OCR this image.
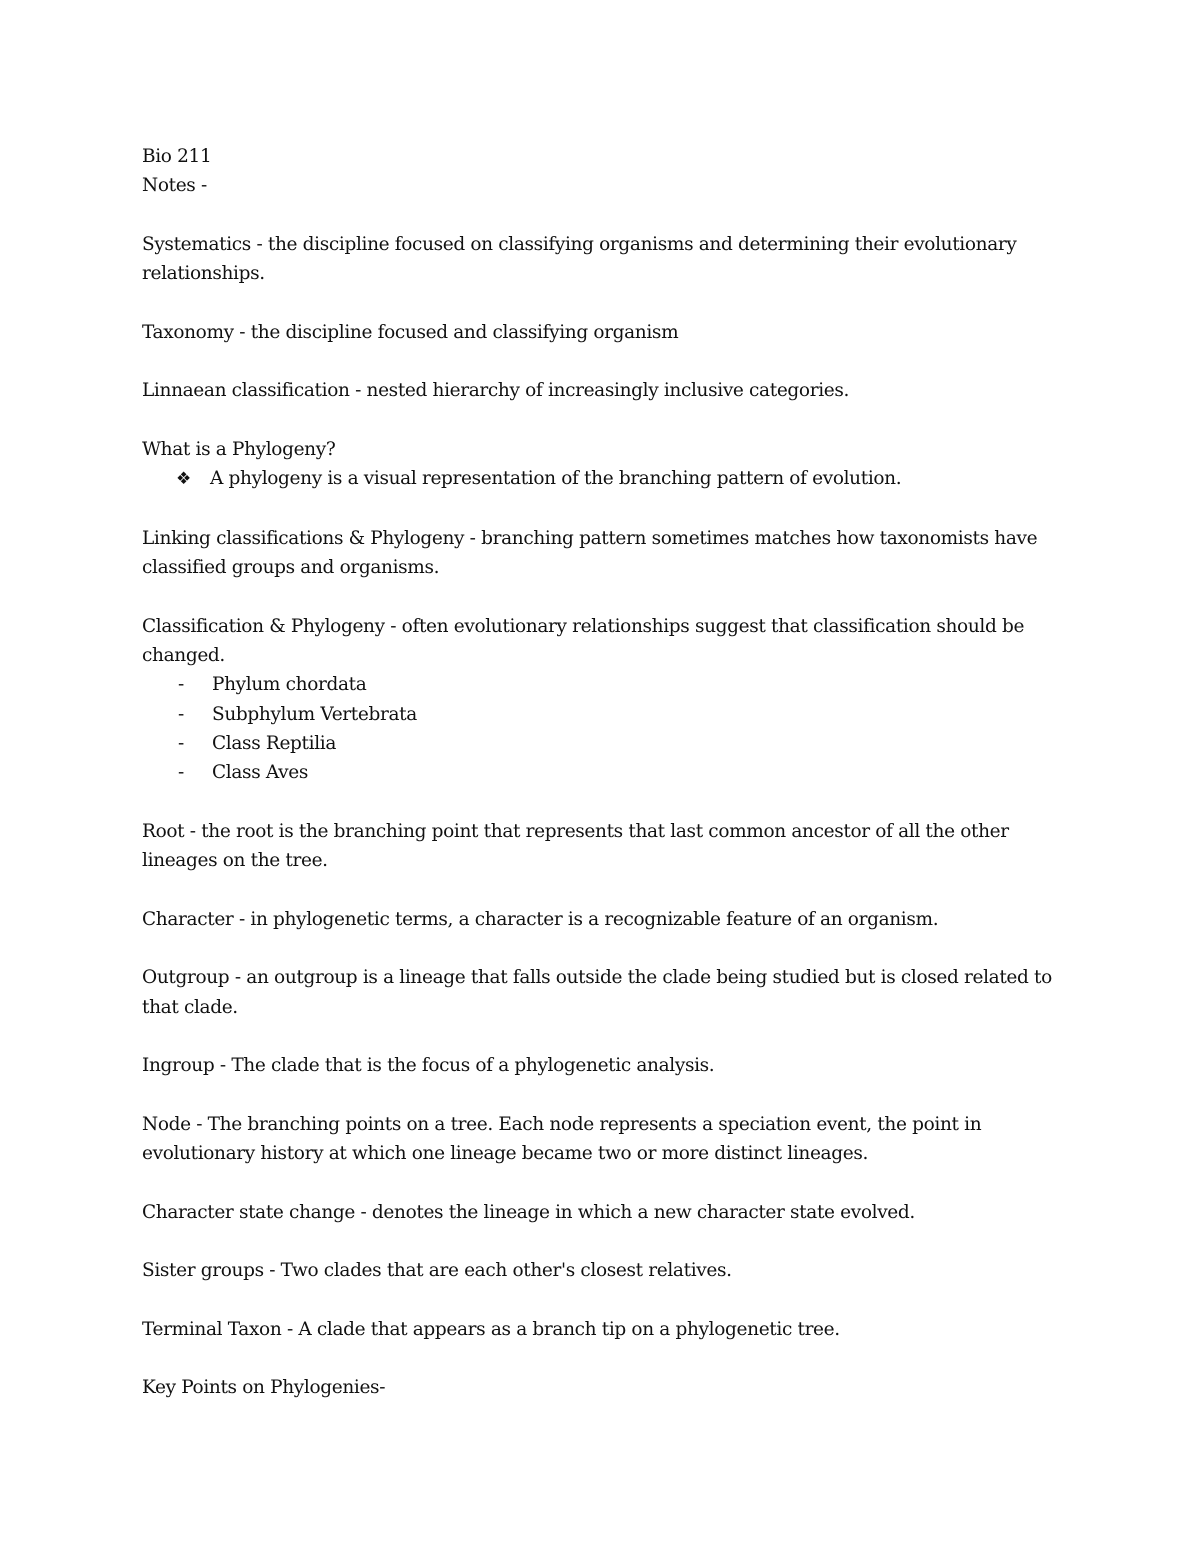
Bio 211
Notes -
Systematics - the discipline focused on classifying organisms and determining their evolutionary
relationships.
Taxonomy - the discipline focused and classifying organism
Linnaean classification - nested hierarchy of increasingly inclusive categories.
What is a Phylogeny?
❖	A phylogeny is a visual representation of the branching pattern of evolution.
Linking classifications & Phylogeny - branching pattern sometimes matches how taxonomists have
classified groups and organisms.
Classification & Phylogeny - often evolutionary relationships suggest that classification should be
changed.
-	Phylum chordata
-	Subphylum Vertebrata
-	Class Reptilia
-	Class Aves
Root - the root is the branching point that represents that last common ancestor of all the other
lineages on the tree.
Character - in phylogenetic terms, a character is a recognizable feature of an organism.
Outgroup - an outgroup is a lineage that falls outside the clade being studied but is closed related to
that clade.
Ingroup - The clade that is the focus of a phylogenetic analysis.
Node - The branching points on a tree. Each node represents a speciation event, the point in
evolutionary history at which one lineage became two or more distinct lineages.
Character state change - denotes the lineage in which a new character state evolved.
Sister groups - Two clades that are each other's closest relatives.
Terminal Taxon - A clade that appears as a branch tip on a phylogenetic tree.
Key Points on Phylogenies-
